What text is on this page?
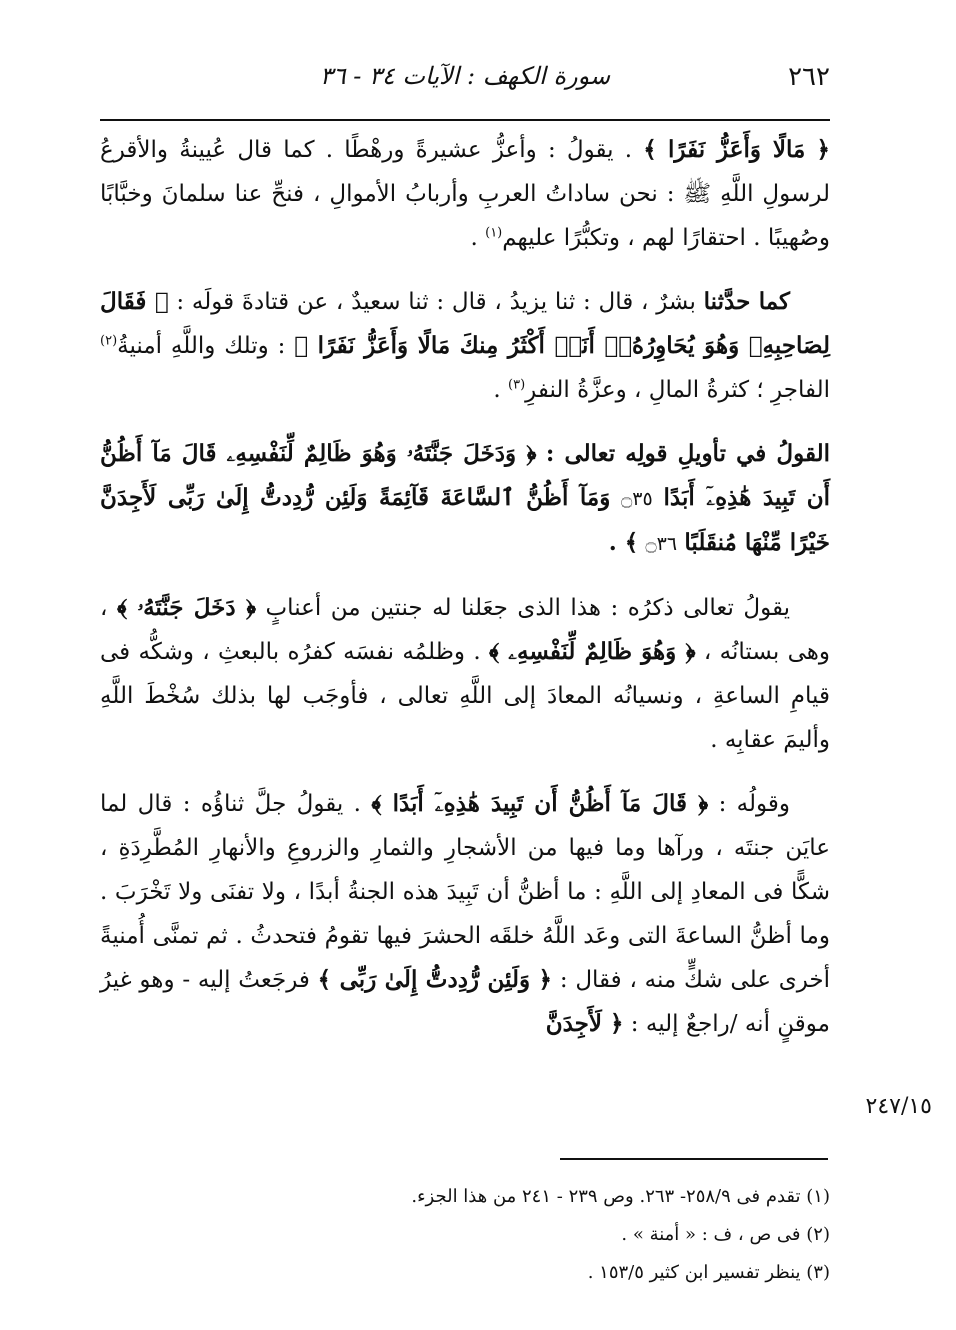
٢٦٢
سورة الكهف : الآيات ٣٤ - ٣٦

﴿ مَالًا وَأَعَزُّ نَفَرًا ﴾ . يقولُ : وأعزُّ عشيرةً ورهْطًا . كما قال عُيينةُ والأقرعُ لرسولِ اللَّهِ ﷺ : نحن ساداتُ العربِ وأربابُ الأموالِ ، فنحِّ عنا سلمانَ وخبَّابًا وصُهيبًا . احتقارًا لهم ، وتكبُّرًا عليهم$^{(١)}$ .

كما حدَّثنا بشرٌ ، قال : ثنا يزيدُ ، قال : ثنا سعيدٌ ، عن قتادةَ قولَه : ﴿ فَقَالَ لِصَاحِبِهِۦ وَهُوَ يُحَاوِرُهُۥٓ أَنَا۠ أَكْثَرُ مِنكَ مَالًا وَأَعَزُّ نَفَرًا ﴾ : وتلك واللَّهِ أمنيةُ$^{(٢)}$ الفاجرِ ؛ كثرةُ المالِ ، وعزَّةُ النفرِ$^{(٣)}$ .

القولُ في تأويلِ قولِه تعالى : ﴿ وَدَخَلَ جَنَّتَهُۥ وَهُوَ ظَالِمٌ لِّنَفْسِهِۦ قَالَ مَآ أَظُنُّ أَن تَبِيدَ هَٰذِهِۦٓ أَبَدًا ۝٣٥ وَمَآ أَظُنُّ ٱلسَّاعَةَ قَآئِمَةً وَلَئِن رُّدِدتُّ إِلَىٰ رَبِّى لَأَجِدَنَّ خَيْرًا مِّنْهَا مُنقَلَبًا ۝٣٦ ﴾ .

يقولُ تعالى ذكرُه : هذا الذى جعَلنا له جنتين من أعنابٍ ﴿ دَخَلَ جَنَّتَهُۥ ﴾ ، وهى بستانُه ، ﴿ وَهُوَ ظَالِمٌ لِّنَفْسِهِۦ ﴾ . وظلمُه نفسَه كفرُه بالبعثِ ، وشكُّه فى قيامِ الساعةِ ، ونسيانُه المعادَ إلى اللَّهِ تعالى ، فأوجَب لها بذلك سُخْطَ اللَّهِ وأليمَ عقابِه .

وقولُه : ﴿ قَالَ مَآ أَظُنُّ أَن تَبِيدَ هَٰذِهِۦٓ أَبَدًا ﴾ . يقولُ جلَّ ثناؤُه : قال لما عايَن جنتَه ، ورآها وما فيها من الأشجارِ والثمارِ والزروعِ والأنهارِ المُطَّرِدَةِ ، شكًّا فى المعادِ إلى اللَّهِ : ما أظنُّ أن تَبِيدَ هذه الجنةُ أبدًا ، ولا تفنَى ولا تَخْرَبَ . وما أظنُّ الساعةَ التى وعَد اللَّهُ خلقَه الحشرَ فيها تقومُ فتحدثُ . ثم تمنَّى أُمنيةً أخرى على شكٍّ منه ، فقال : ﴿ وَلَئِن رُّدِدتُّ إِلَىٰ رَبِّى ﴾ فرجَعتُ إليه - وهو غيرُ موقنٍ أنه /راجعٌ إليه : ﴿ لَأَجِدَنَّ

٢٤٧/١٥

(١) تقدم فى ٢٥٨/٩- ٢٦٣. وص ٢٣٩ - ٢٤١ من هذا الجزء.

(٢) فى ص ، ف : « أمنة » .

(٣) ينظر تفسير ابن كثير ١٥٣/٥ .
